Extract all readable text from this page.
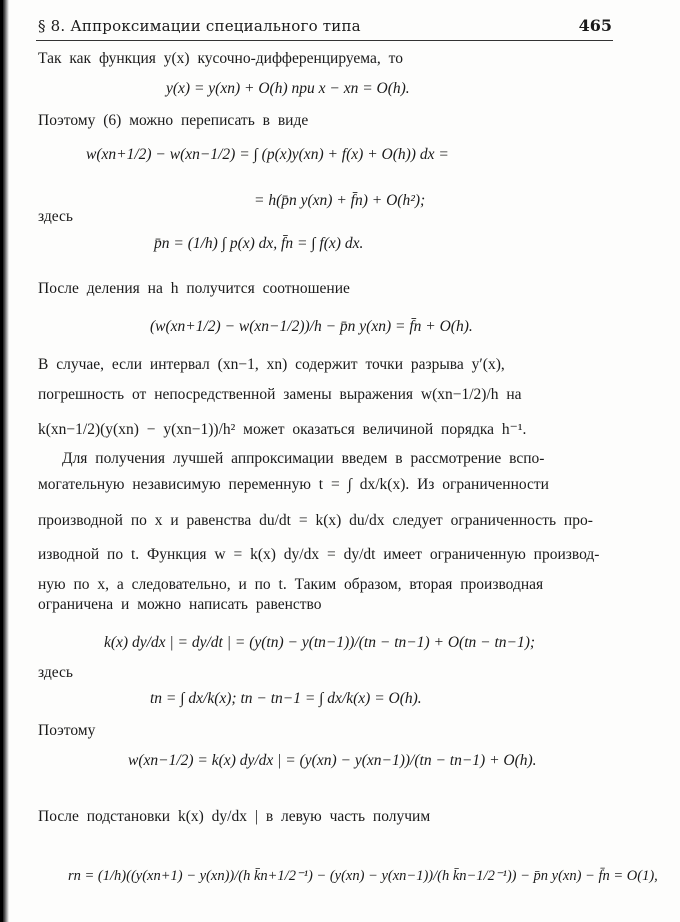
§ 8. Аппроксимации специального типа	465
Так как функция y(x) кусочно-дифференцируема, то
y(x) = y(xn) + O(h) при x − xn = O(h).
Поэтому (6) можно переписать в виде
w(xn+1/2) − w(xn−1/2) = ∫ (p(x)y(xn) + f(x) + O(h)) dx =
= h(p̄n y(xn) + f̄n) + O(h²);
здесь
p̄n = (1/h) ∫ p(x) dx, f̄n = ∫ f(x) dx.
После деления на h получится соотношение
(w(xn+1/2) − w(xn−1/2))/h − p̄n y(xn) = f̄n + O(h).
В случае, если интервал (xn−1, xn) содержит точки разрыва y′(x),
погрешность от непосредственной замены выражения w(xn−1/2)/h на
k(xn−1/2)(y(xn) − y(xn−1))/h² может оказаться величиной порядка h⁻¹.
Для получения лучшей аппроксимации введем в рассмотрение вспо-
могательную независимую переменную t = ∫ dx/k(x). Из ограниченности
производной по x и равенства du/dt = k(x) du/dx следует ограниченность про-
изводной по t. Функция w = k(x) dy/dx = dy/dt имеет ограниченную производ-
ную по x, а следовательно, и по t. Таким образом, вторая производная
ограничена и можно написать равенство
k(x) dy/dx | = dy/dt | = (y(tn) − y(tn−1))/(tn − tn−1) + O(tn − tn−1);
здесь
tn = ∫ dx/k(x); tn − tn−1 = ∫ dx/k(x) = O(h).
Поэтому
w(xn−1/2) = k(x) dy/dx | = (y(xn) − y(xn−1))/(tn − tn−1) + O(h).
После подстановки k(x) dy/dx | в левую часть получим
rn = (1/h)((y(xn+1) − y(xn))/(h k̄n+1/2⁻¹) − (y(xn) − y(xn−1))/(h k̄n−1/2⁻¹)) − p̄n y(xn) − f̄n = O(1),
